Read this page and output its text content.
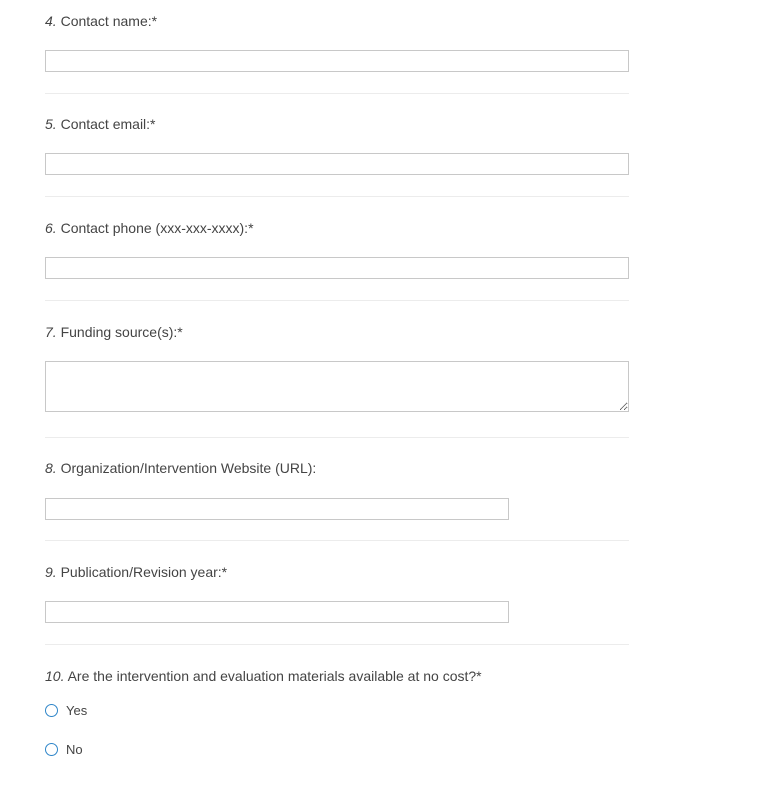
4. Contact name:*
5. Contact email:*
6. Contact phone (xxx-xxx-xxxx):*
7. Funding source(s):*
8. Organization/Intervention Website (URL):
9. Publication/Revision year:*
10. Are the intervention and evaluation materials available at no cost?*
Yes
No
